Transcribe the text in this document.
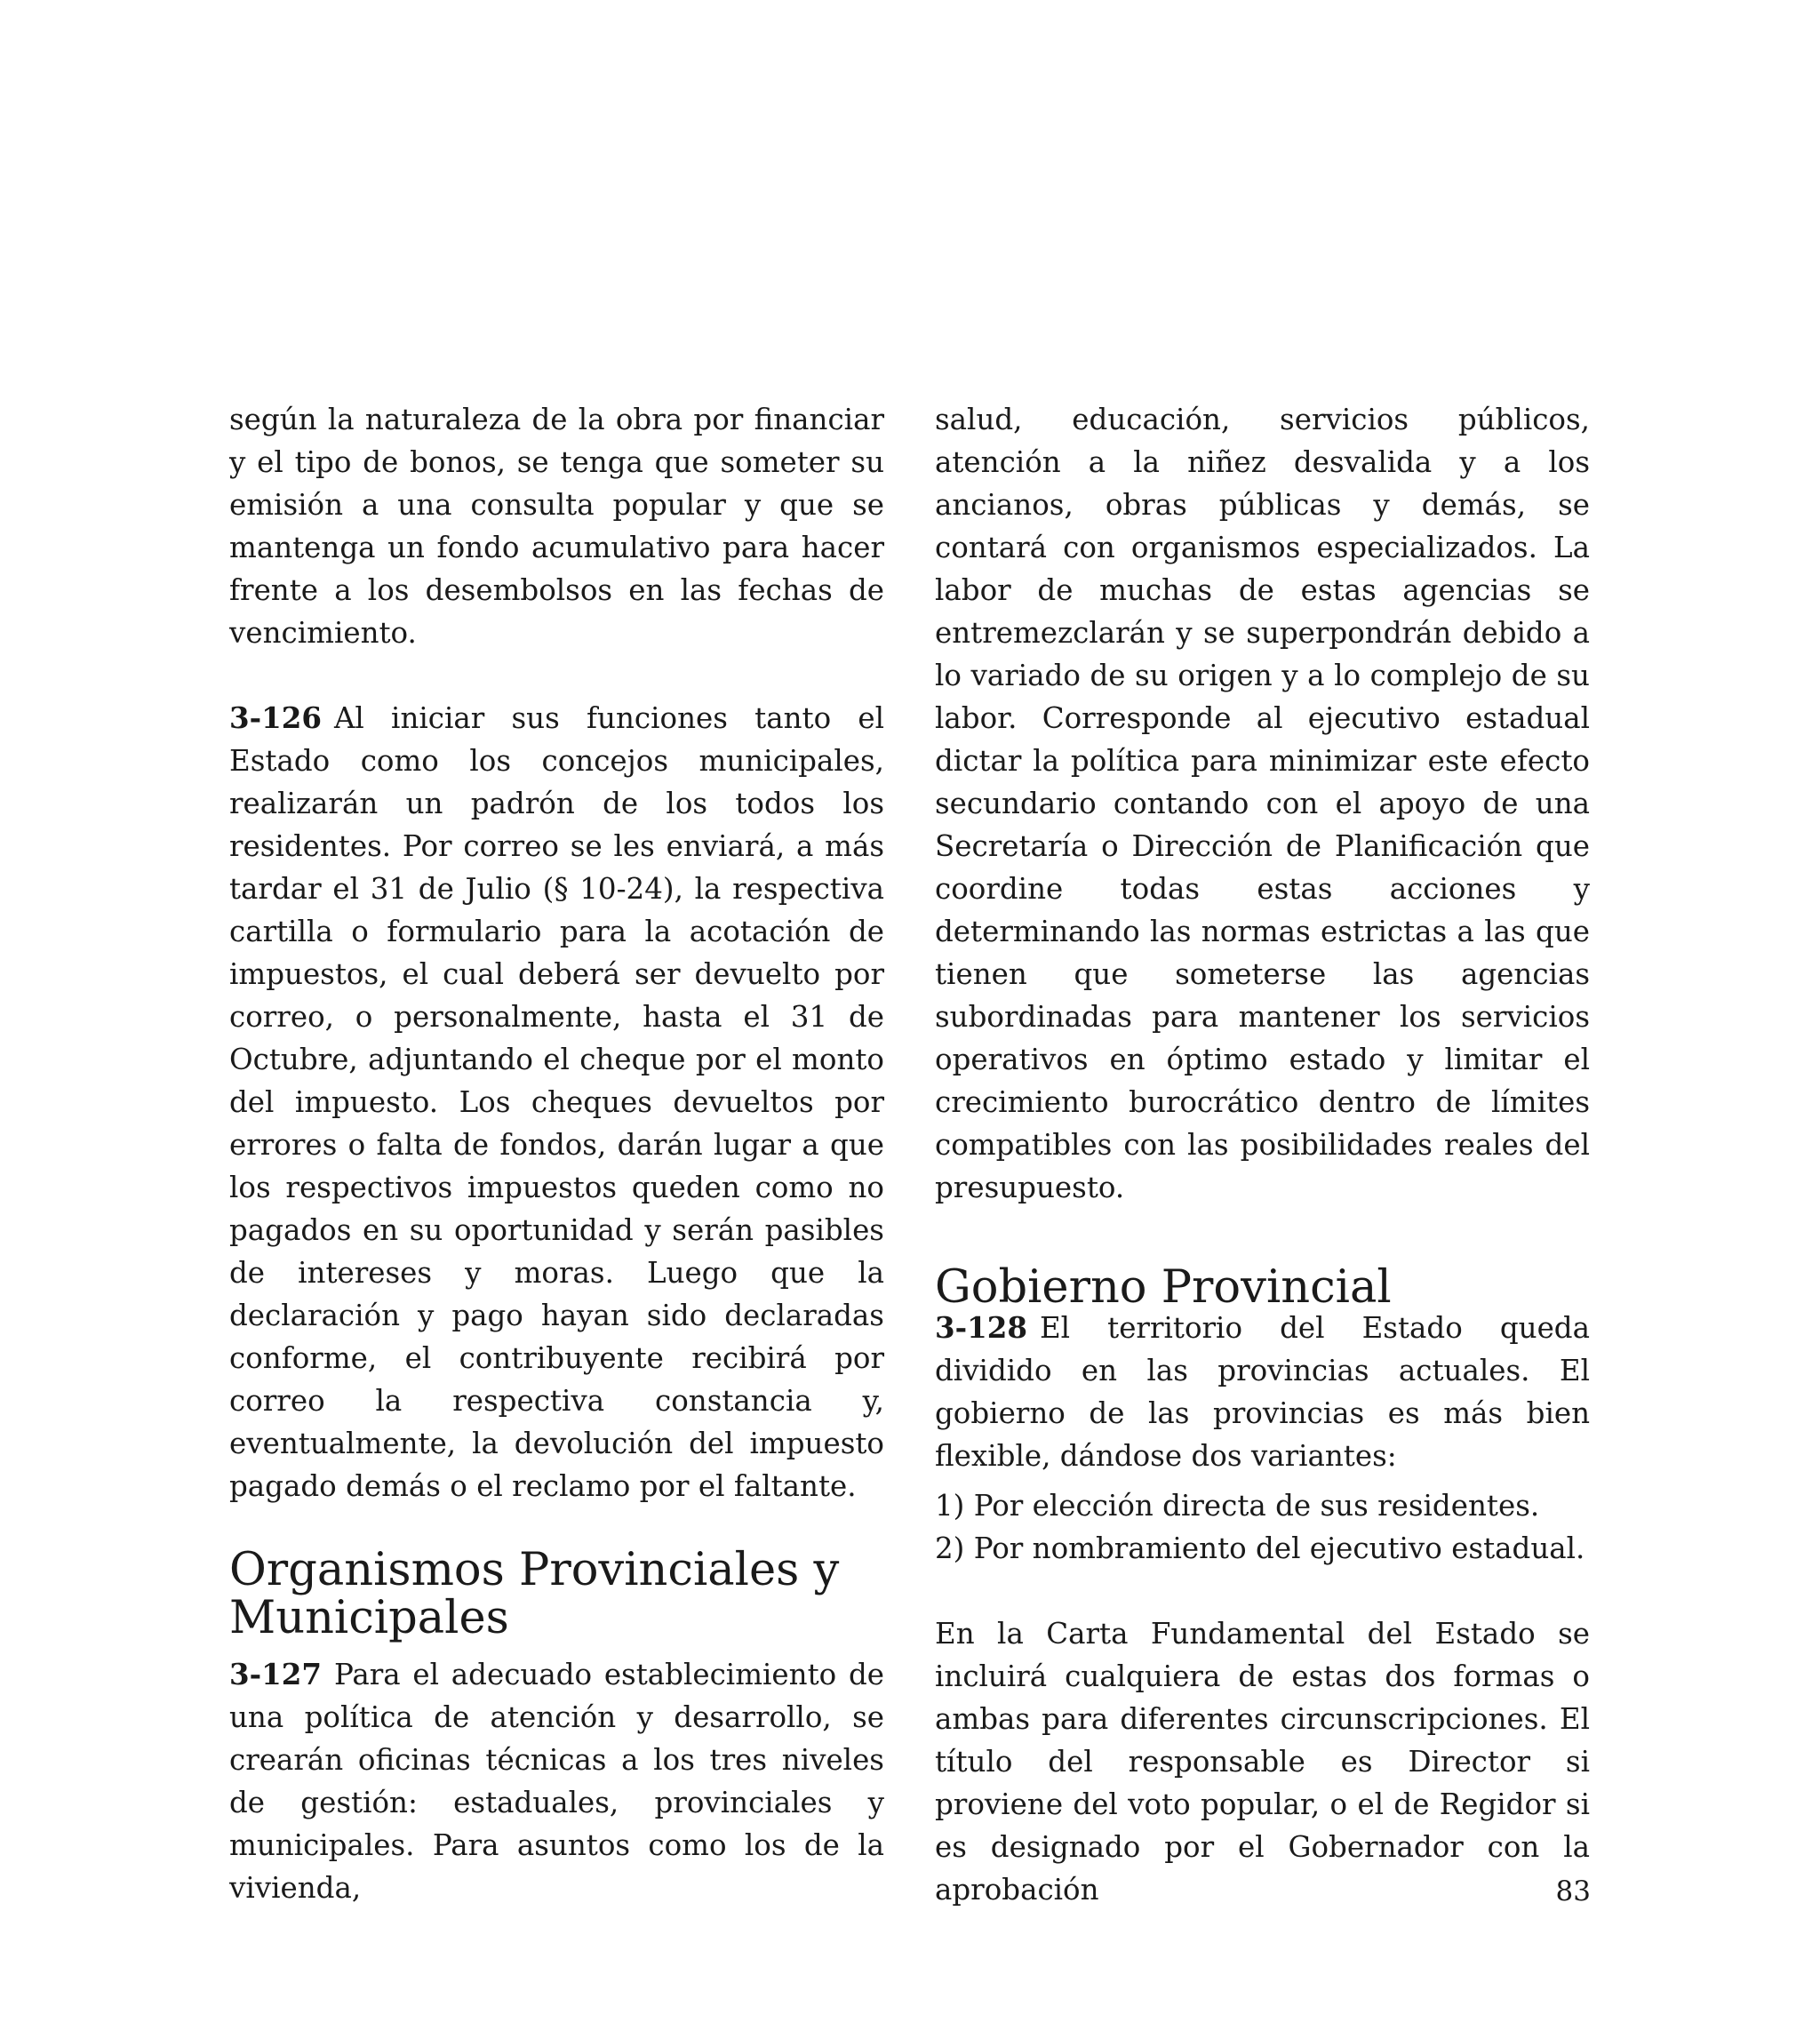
según la naturaleza de la obra por financiar y el tipo de bonos, se tenga que someter su emisión a una consulta popular y que se mantenga un fondo acumulativo para hacer frente a los desembolsos en las fechas de vencimiento.

3-126 Al iniciar sus funciones tanto el Estado como los concejos municipales, realizarán un padrón de los todos los residentes. Por correo se les enviará, a más tardar el 31 de Julio (§ 10-24), la respectiva cartilla o formulario para la acotación de impuestos, el cual deberá ser devuelto por correo, o personalmente, hasta el 31 de Octubre, adjuntando el cheque por el monto del impuesto. Los cheques devueltos por errores o falta de fondos, darán lugar a que los respectivos impuestos queden como no pagados en su oportunidad y serán pasibles de intereses y moras. Luego que la declaración y pago hayan sido declaradas conforme, el contribuyente recibirá por correo la respectiva constancia y, eventualmente, la devolución del impuesto pagado demás o el reclamo por el faltante.

Organismos Provinciales y Municipales

3-127 Para el adecuado establecimiento de una política de atención y desarrollo, se crearán oficinas técnicas a los tres niveles de gestión: estaduales, provinciales y municipales. Para asuntos como los de la vivienda,

salud, educación, servicios públicos, atención a la niñez desvalida y a los ancianos, obras públicas y demás, se contará con organismos especializados. La labor de muchas de estas agencias se entremezclarán y se superpondrán debido a lo variado de su origen y a lo complejo de su labor. Corresponde al ejecutivo estadual dictar la política para minimizar este efecto secundario contando con el apoyo de una Secretaría o Dirección de Planificación que coordine todas estas acciones y determinando las normas estrictas a las que tienen que someterse las agencias subordinadas para mantener los servicios operativos en óptimo estado y limitar el crecimiento burocrático dentro de límites compatibles con las posibilidades reales del presupuesto.

Gobierno Provincial

3-128 El territorio del Estado queda dividido en las provincias actuales. El gobierno de las provincias es más bien flexible, dándose dos variantes:

1) Por elección directa de sus residentes.
2) Por nombramiento del ejecutivo estadual.

En la Carta Fundamental del Estado se incluirá cualquiera de estas dos formas o ambas para diferentes circunscripciones. El título del responsable es Director si proviene del voto popular, o el de Regidor si es designado por el Gobernador con la aprobación	83
